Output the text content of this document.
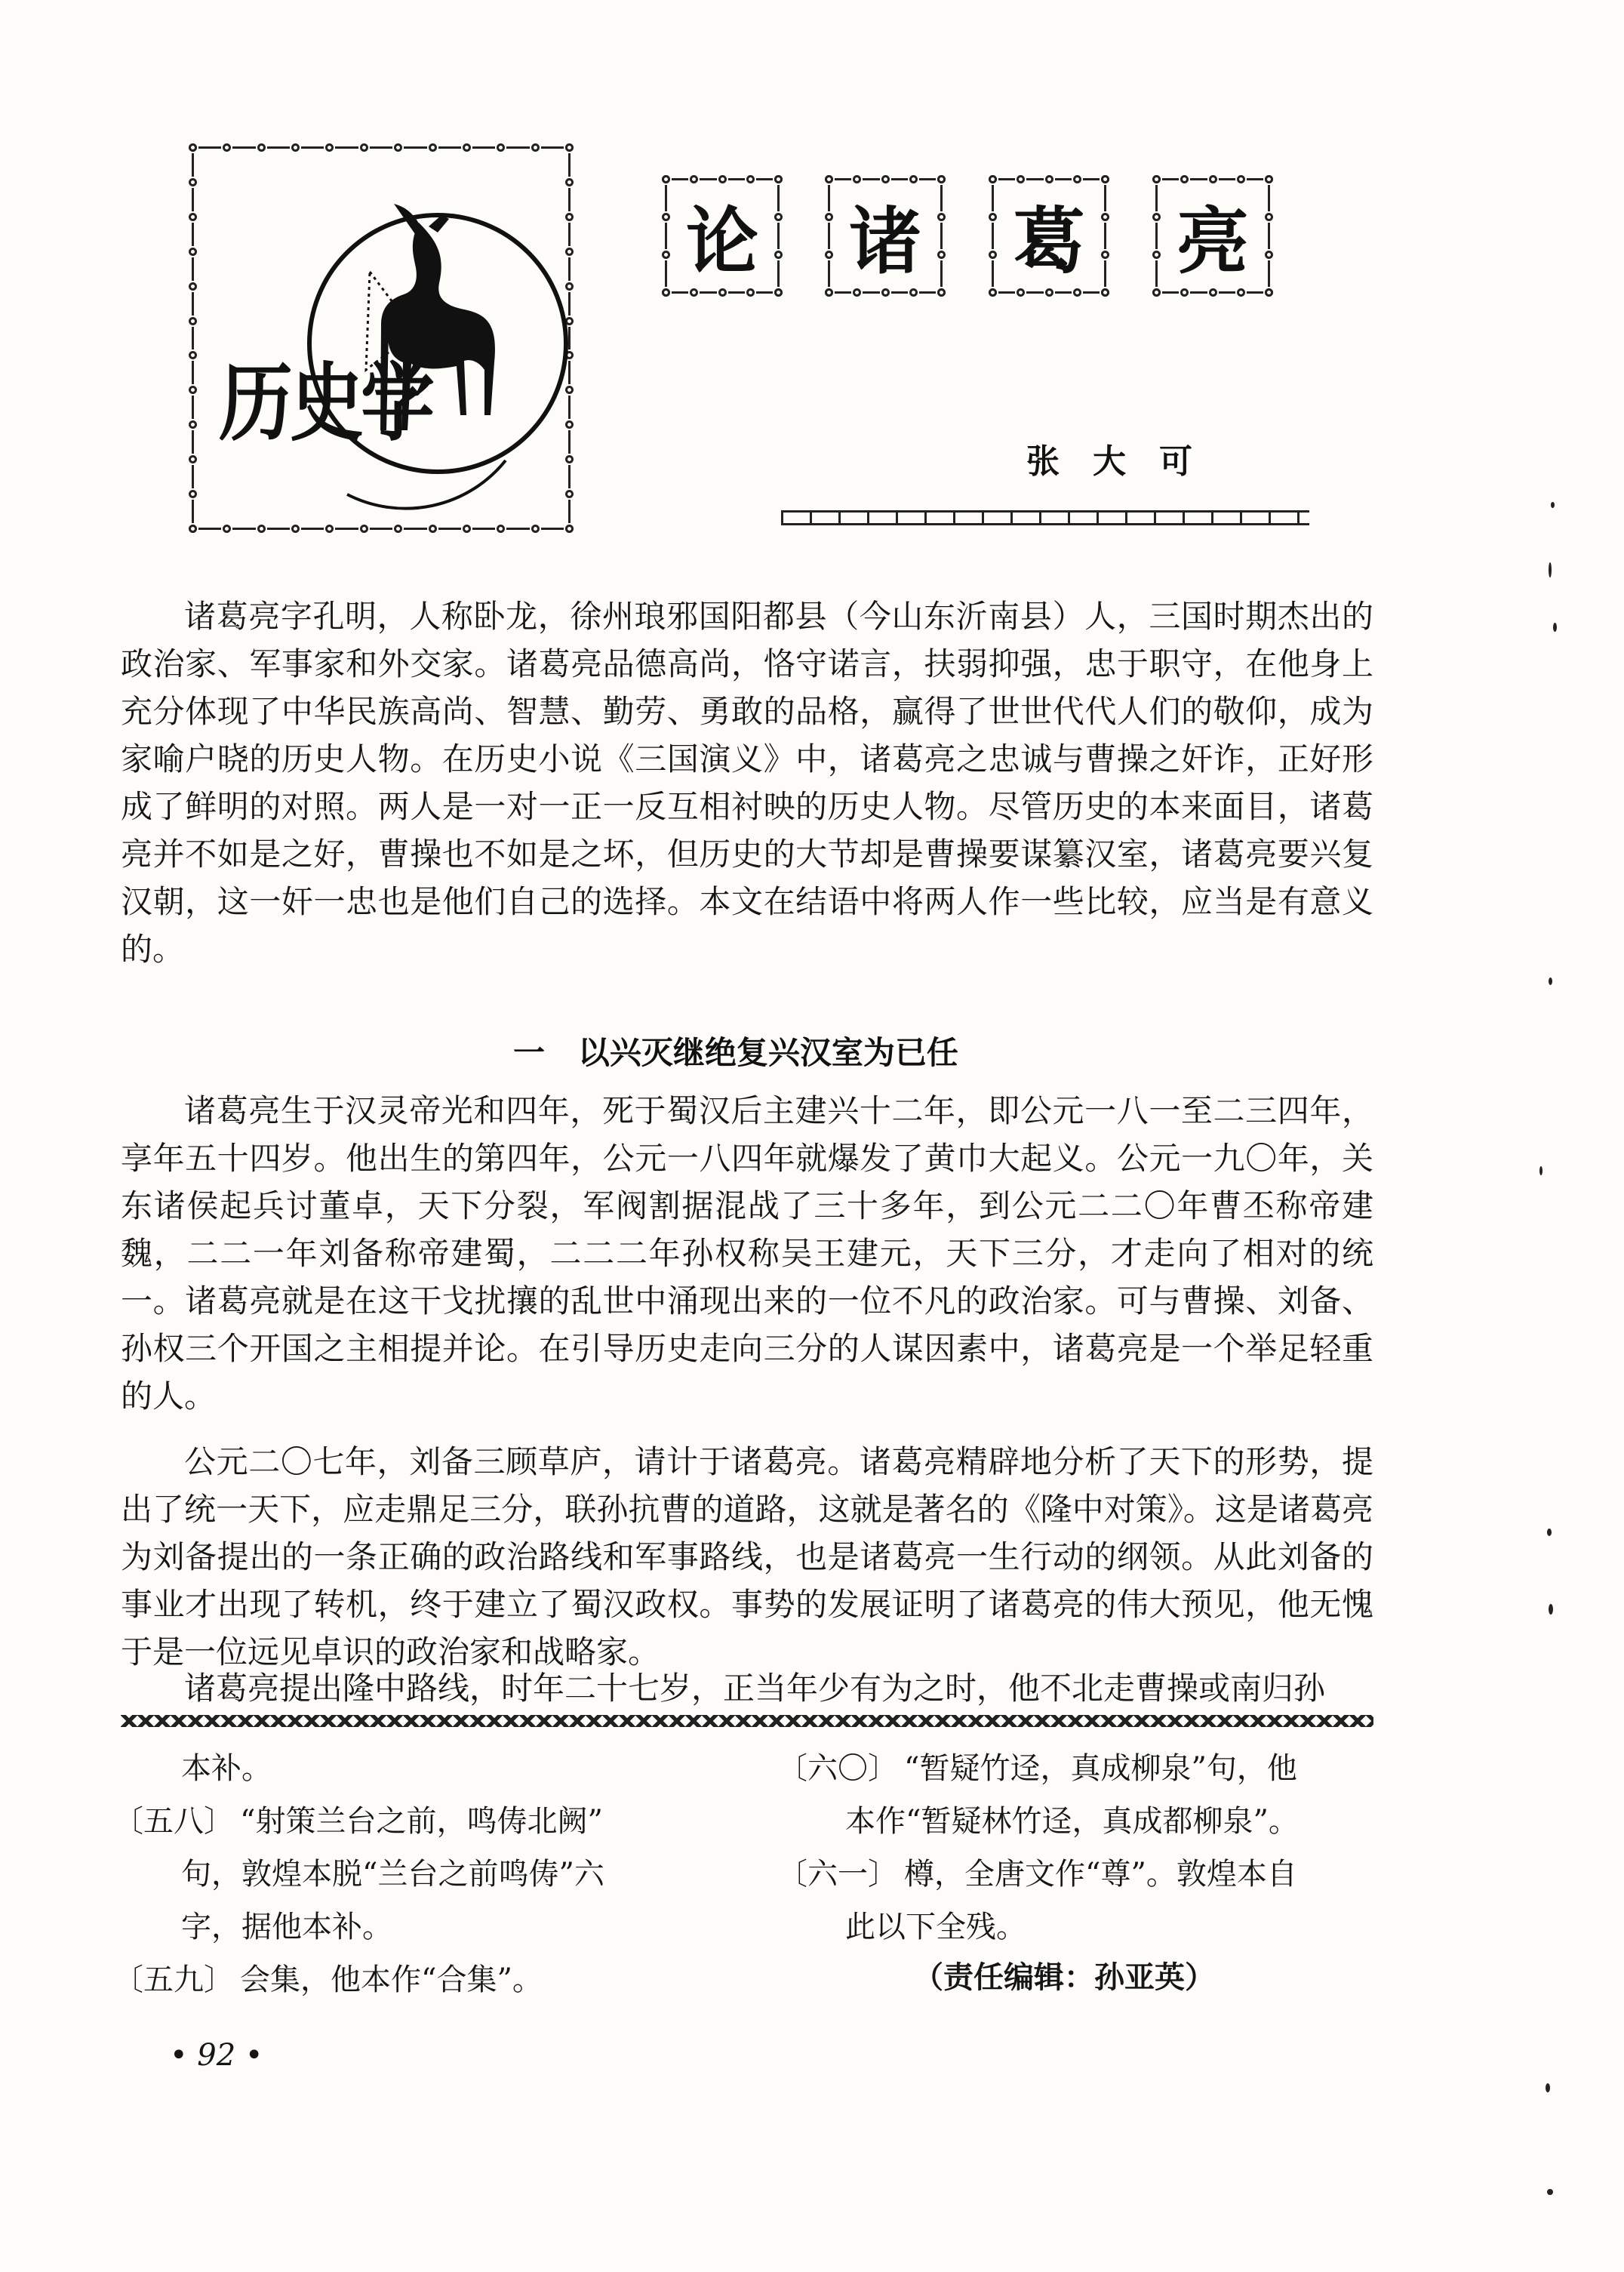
历史学
论	诸	葛	亮
张大可

诸葛亮字孔明，人称卧龙，徐州琅邪国阳都县（今山东沂南县）人，三国时期杰出的政治家、军事家和外交家。诸葛亮品德高尚，恪守诺言，扶弱抑强，忠于职守，在他身上充分体现了中华民族高尚、智慧、勤劳、勇敢的品格，赢得了世世代代人们的敬仰，成为家喻户晓的历史人物。在历史小说《三国演义》中，诸葛亮之忠诚与曹操之奸诈，正好形成了鲜明的对照。两人是一对一正一反互相衬映的历史人物。尽管历史的本来面目，诸葛亮并不如是之好，曹操也不如是之坏，但历史的大节却是曹操要谋纂汉室，诸葛亮要兴复汉朝，这一奸一忠也是他们自己的选择。本文在结语中将两人作一些比较，应当是有意义的。

一   以兴灭继绝复兴汉室为已任

诸葛亮生于汉灵帝光和四年，死于蜀汉后主建兴十二年，即公元一八一至二三四年，享年五十四岁。他出生的第四年，公元一八四年就爆发了黄巾大起义。公元一九〇年，关东诸侯起兵讨董卓，天下分裂，军阀割据混战了三十多年，到公元二二〇年曹丕称帝建魏，二二一年刘备称帝建蜀，二二二年孙权称吴王建元，天下三分，才走向了相对的统一。诸葛亮就是在这干戈扰攘的乱世中涌现出来的一位不凡的政治家。可与曹操、刘备、孙权三个开国之主相提并论。在引导历史走向三分的人谋因素中，诸葛亮是一个举足轻重的人。

公元二〇七年，刘备三顾草庐，请计于诸葛亮。诸葛亮精辟地分析了天下的形势，提出了统一天下，应走鼎足三分，联孙抗曹的道路，这就是著名的《隆中对策》。这是诸葛亮为刘备提出的一条正确的政治路线和军事路线，也是诸葛亮一生行动的纲领。从此刘备的事业才出现了转机，终于建立了蜀汉政权。事势的发展证明了诸葛亮的伟大预见，他无愧于是一位远见卓识的政治家和战略家。

诸葛亮提出隆中路线，时年二十七岁，正当年少有为之时，他不北走曹操或南归孙

本补。
〔五八〕 “射策兰台之前，鸣俦北阙”
句，敦煌本脱“兰台之前鸣俦”六
字，据他本补。
〔五九〕 会集，他本作“合集”。
〔六〇〕 “暂疑竹迳，真成柳泉”句，他
本作“暂疑林竹迳，真成都柳泉”。
〔六一〕 樽，全唐文作“尊”。敦煌本自
此以下全残。
（责任编辑：孙亚英）
• 92 •
